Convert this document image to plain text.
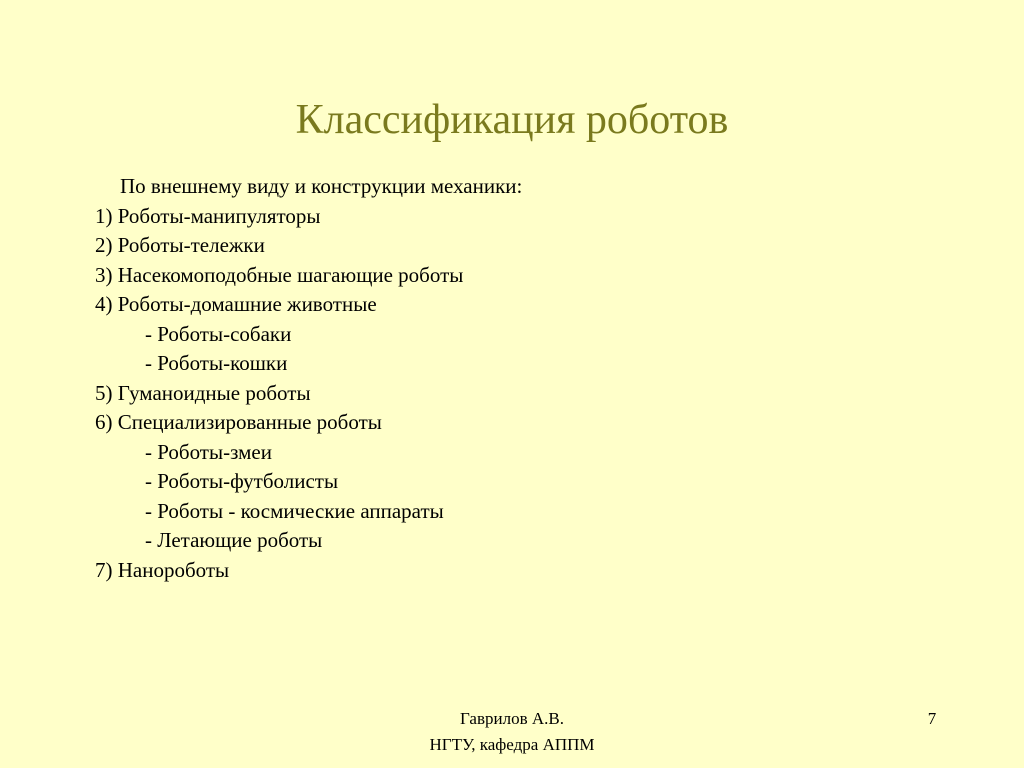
Классификация роботов
По внешнему виду и конструкции механики:
1) Роботы-манипуляторы
2) Роботы-тележки
3) Насекомоподобные шагающие роботы
4) Роботы-домашние животные
- Роботы-собаки
- Роботы-кошки
5) Гуманоидные роботы
6) Специализированные роботы
- Роботы-змеи
- Роботы-футболисты
- Роботы - космические аппараты
- Летающие роботы
7) Нанороботы
Гаврилов А.В.
НГТУ, кафедра АППМ
7
